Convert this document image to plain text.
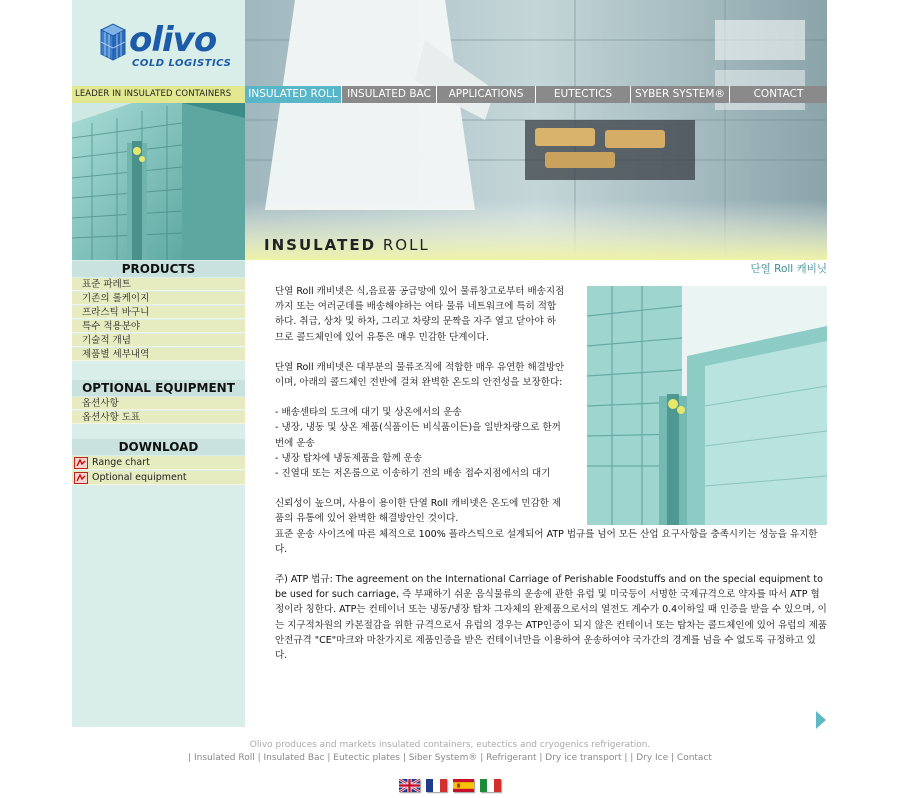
olivo
COLD LOGISTICS
LEADER IN INSULATED CONTAINERS
PRODUCTS
표준 파레트
기존의 롤케이지
프라스틱 바구니
특수 적용분야
기술적 개념
제품별 세부내역
OPTIONAL EQUIPMENT
옵션사항
옵션사항 도표
DOWNLOAD
Range chart
Optional equipment
INSULATED ROLL INSULATED BAC	APPLICATIONS	EUTECTICS	SYBER SYSTEM®	CONTACT
INSULATED ROLL
단열 Roll 캐비닛

단열 Roll 캐비넷은 식,음료품 공급망에 있어 물류창고로부터 배송지점까지 또는 여러군데를 배송해야하는 여타 물류 네트워크에 특히 적합하다. 취급, 상차 및 하차, 그리고 차량의 문짝을 자주 열고 닫아야 하므로 콜드체인에 있어 유통은 매우 민감한 단계이다.

단열 Roll 캐비넷은 대부분의 물류조직에 적합한 매우 유연한 해결방안이며, 아래의 콜드체인 전반에 걸쳐 완벽한 온도의 안전성을 보장한다:

- 배송센타의 도크에 대기 및 상온에서의 운송
- 냉장, 냉동 및 상온 제품(식품이든 비식품이든)을 일반차량으로 한꺼번에 운송
- 냉장 탑차에 냉동제품을 함께 운송
- 진열대 또는 저온룸으로 이송하기 전의 배송 접수지점에서의 대기
신뢰성이 높으며, 사용이 용이한 단열 Roll 캐비넷은 온도에 민감한 제품의 유통에 있어 완벽한 해결방안인 것이다.

표준 운송 사이즈에 따른 체적으로 100% 플라스틱으로 설계되어 ATP 법규를 넘어 모든 산업 요구사항을 충족시키는 성능을 유지한다.

주) ATP 법규: The agreement on the International Carriage of Perishable Foodstuffs and on the special equipment to be used for such carriage, 즉 부패하기 쉬운 음식물류의 운송에 관한 유럽 및 미국등이 서명한 국제규격으로 약자를 따서 ATP 협정이라 칭한다. ATP는 컨테이너 또는 냉동/냉장 탑차 그자체의 완제품으로서의 열전도 계수가 0.4이하일 때 인증을 받을 수 있으며, 이는 지구적차원의 카본절감을 위한 규격으로서 유럽의 경우는 ATP인증이 되지 않은 컨테이너 또는 탑차는 콜드체인에 있어 유럽의 제품안전규격 "CE"마크와 마찬가지로 제품인증을 받은 컨테이너만을 이용하여 운송하여야 국가간의 경계를 넘을 수 없도록 규정하고 있다.

Olivo produces and markets insulated containers, eutectics and cryogenics refrigeration.
| Insulated Roll | Insulated Bac | Eutectic plates | Siber System® | Refrigerant | Dry ice transport | | Dry Ice | Contact
